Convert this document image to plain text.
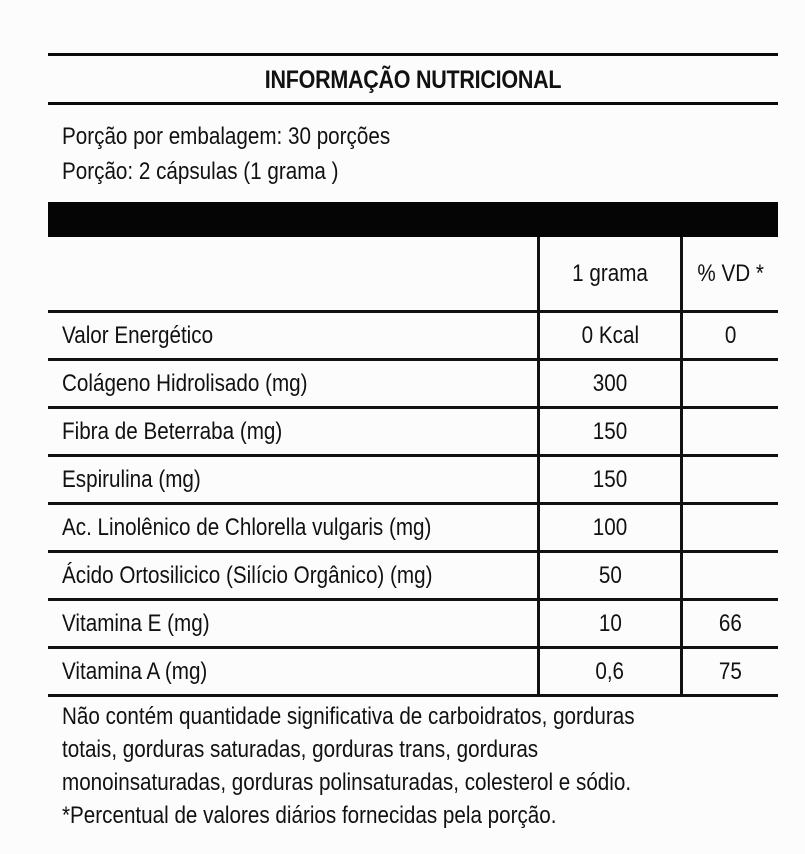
INFORMAÇÃO NUTRICIONAL
Porção por embalagem: 30 porções
Porção: 2 cápsulas (1 grama )
	1 grama	% VD *
Valor Energético	0 Kcal	0
Colágeno Hidrolisado (mg)	300	
Fibra de Beterraba (mg)	150	
Espirulina (mg)	150	
Ac. Linolênico de Chlorella vulgaris (mg)	100	
Ácido Ortosilicico (Silício Orgânico) (mg)	50	
Vitamina E (mg)	10	66
Vitamina A (mg)	0,6	75
Não contém quantidade significativa de carboidratos, gorduras
totais, gorduras saturadas, gorduras trans, gorduras
monoinsaturadas, gorduras polinsaturadas, colesterol e sódio.
*Percentual de valores diários fornecidas pela porção.
